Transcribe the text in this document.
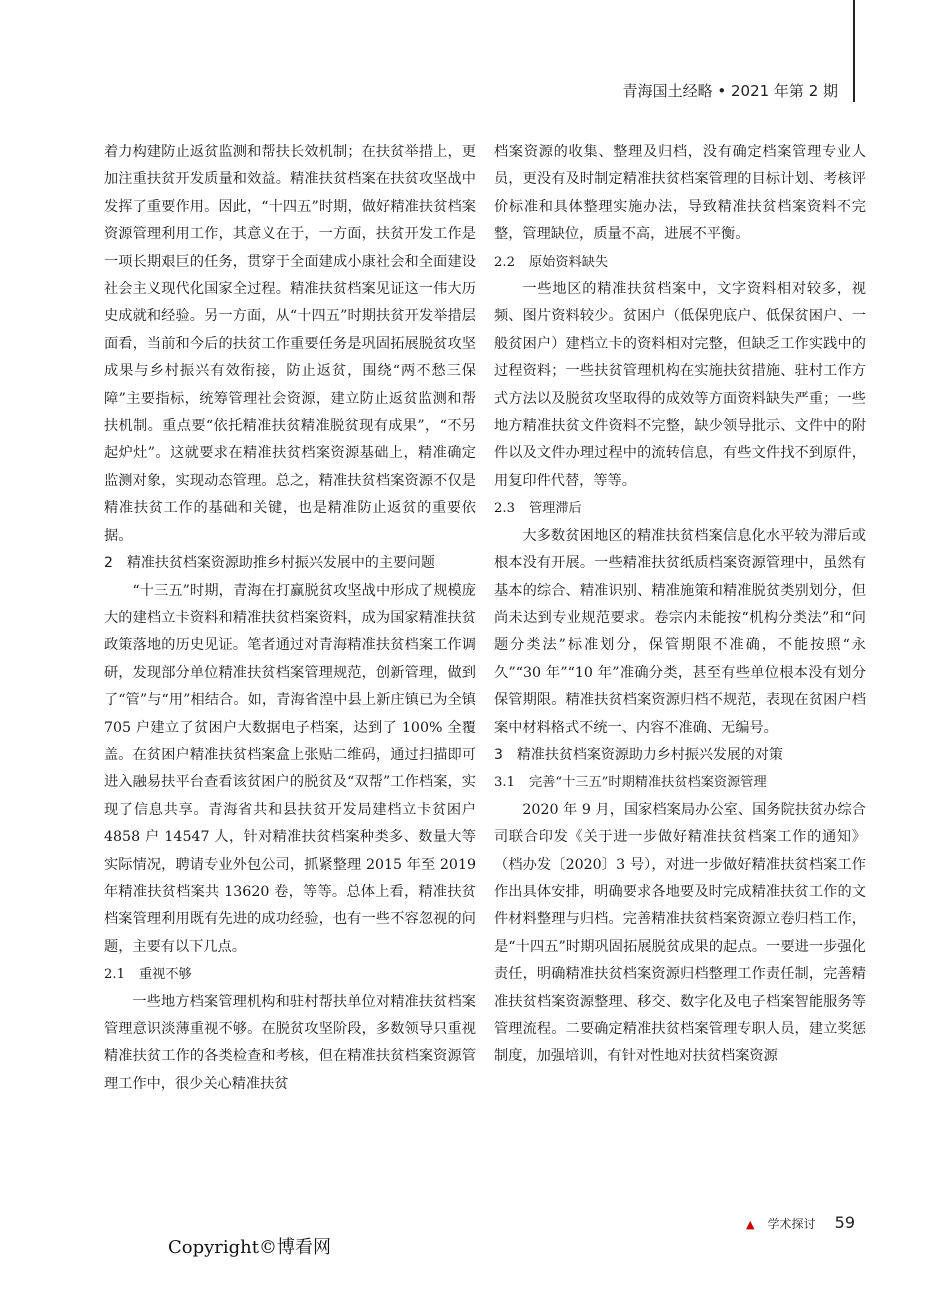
青海国土经略 • 2021 年第 2 期

着力构建防止返贫监测和帮扶长效机制；在扶贫举措上，更加注重扶贫开发质量和效益。精准扶贫档案在扶贫攻坚战中发挥了重要作用。因此，“十四五”时期，做好精准扶贫档案资源管理利用工作，其意义在于，一方面，扶贫开发工作是一项长期艰巨的任务，贯穿于全面建成小康社会和全面建设社会主义现代化国家全过程。精准扶贫档案见证这一伟大历史成就和经验。另一方面，从“十四五”时期扶贫开发举措层面看，当前和今后的扶贫工作重要任务是巩固拓展脱贫攻坚成果与乡村振兴有效衔接，防止返贫，围绕“两不愁三保障”主要指标，统筹管理社会资源，建立防止返贫监测和帮扶机制。重点要“依托精准扶贫精准脱贫现有成果”，“不另起炉灶”。这就要求在精准扶贫档案资源基础上，精准确定监测对象，实现动态管理。总之，精准扶贫档案资源不仅是精准扶贫工作的基础和关键，也是精准防止返贫的重要依据。

2 精准扶贫档案资源助推乡村振兴发展中的主要问题

“十三五”时期，青海在打赢脱贫攻坚战中形成了规模庞大的建档立卡资料和精准扶贫档案资料，成为国家精准扶贫政策落地的历史见证。笔者通过对青海精准扶贫档案工作调研，发现部分单位精准扶贫档案管理规范，创新管理，做到了“管”与“用”相结合。如，青海省湟中县上新庄镇已为全镇 705 户建立了贫困户大数据电子档案，达到了 100% 全覆盖。在贫困户精准扶贫档案盒上张贴二维码，通过扫描即可进入融易扶平台查看该贫困户的脱贫及“双帮”工作档案，实现了信息共享。青海省共和县扶贫开发局建档立卡贫困户 4858 户 14547 人，针对精准扶贫档案种类多、数量大等实际情况，聘请专业外包公司，抓紧整理 2015 年至 2019 年精准扶贫档案共 13620 卷，等等。总体上看，精准扶贫档案管理利用既有先进的成功经验，也有一些不容忽视的问题，主要有以下几点。

2.1 重视不够

一些地方档案管理机构和驻村帮扶单位对精准扶贫档案管理意识淡薄重视不够。在脱贫攻坚阶段，多数领导只重视精准扶贫工作的各类检查和考核，但在精准扶贫档案资源管理工作中，很少关心精准扶贫

档案资源的收集、整理及归档，没有确定档案管理专业人员，更没有及时制定精准扶贫档案管理的目标计划、考核评价标准和具体整理实施办法，导致精准扶贫档案资料不完整，管理缺位，质量不高，进展不平衡。

2.2 原始资料缺失

一些地区的精准扶贫档案中，文字资料相对较多，视频、图片资料较少。贫困户（低保兜底户、低保贫困户、一般贫困户）建档立卡的资料相对完整，但缺乏工作实践中的过程资料；一些扶贫管理机构在实施扶贫措施、驻村工作方式方法以及脱贫攻坚取得的成效等方面资料缺失严重；一些地方精准扶贫文件资料不完整，缺少领导批示、文件中的附件以及文件办理过程中的流转信息，有些文件找不到原件，用复印件代替，等等。

2.3 管理滞后

大多数贫困地区的精准扶贫档案信息化水平较为滞后或根本没有开展。一些精准扶贫纸质档案资源管理中，虽然有基本的综合、精准识别、精准施策和精准脱贫类别划分，但尚未达到专业规范要求。卷宗内未能按“机构分类法”和“问题分类法”标准划分，保管期限不准确，不能按照“永久”“30 年”“10 年”准确分类，甚至有些单位根本没有划分保管期限。精准扶贫档案资源归档不规范，表现在贫困户档案中材料格式不统一、内容不准确、无编号。

3 精准扶贫档案资源助力乡村振兴发展的对策
3.1 完善“十三五”时期精准扶贫档案资源管理

2020 年 9 月，国家档案局办公室、国务院扶贫办综合司联合印发《关于进一步做好精准扶贫档案工作的通知》（档办发〔2020〕3 号），对进一步做好精准扶贫档案工作作出具体安排，明确要求各地要及时完成精准扶贫工作的文件材料整理与归档。完善精准扶贫档案资源立卷归档工作，是“十四五”时期巩固拓展脱贫成果的起点。一要进一步强化责任，明确精准扶贫档案资源归档整理工作责任制，完善精准扶贫档案资源整理、移交、数字化及电子档案智能服务等管理流程。二要确定精准扶贫档案管理专职人员，建立奖惩制度，加强培训，有针对性地对扶贫档案资源

▲ 学术探讨 59
Copyright©博看网
